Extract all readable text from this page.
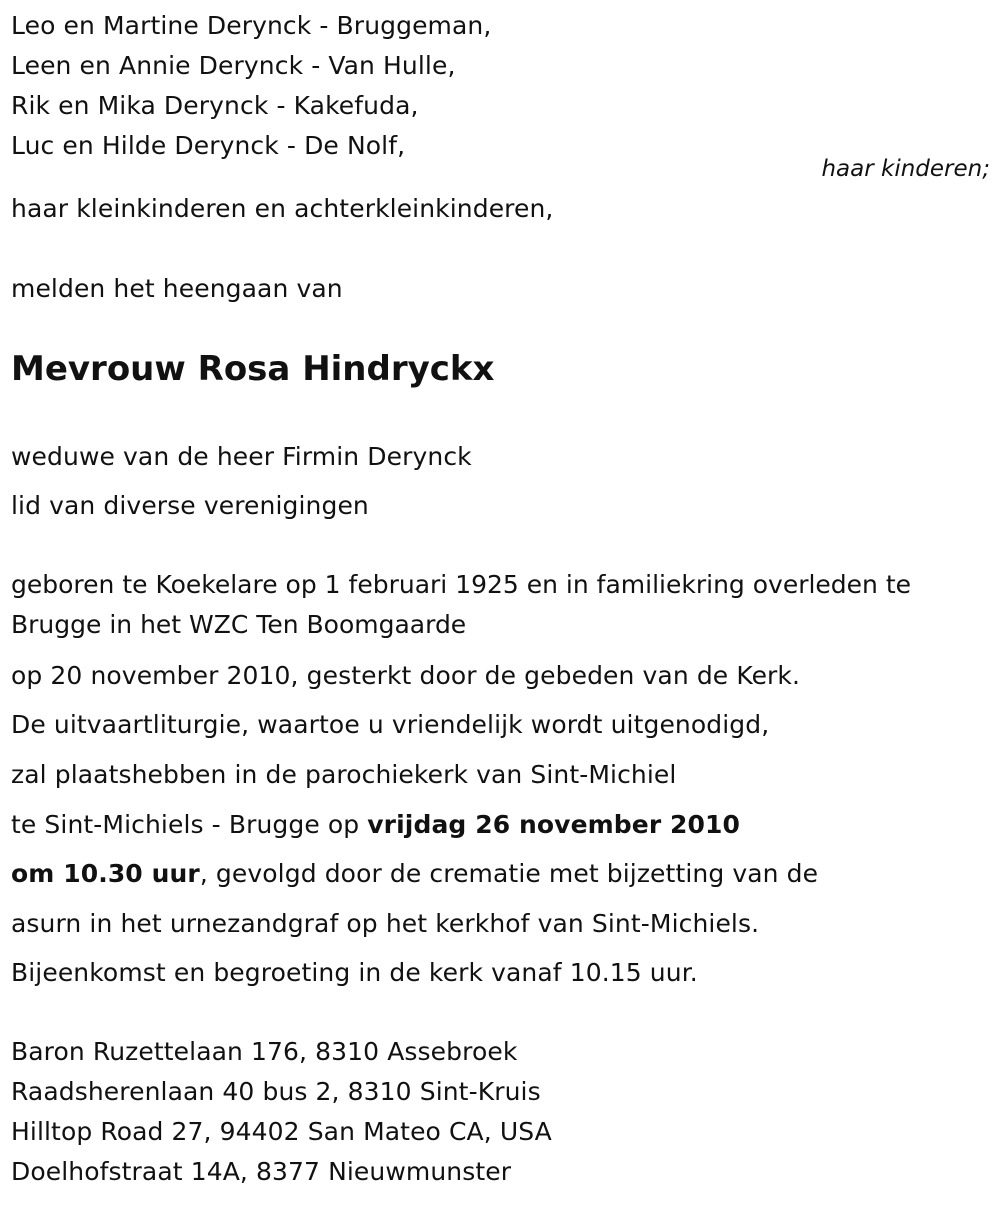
Leo en Martine Derynck - Bruggeman,
Leen en Annie Derynck - Van Hulle,
Rik en Mika Derynck - Kakefuda,
Luc en Hilde Derynck - De Nolf,
haar kinderen;
haar kleinkinderen en achterkleinkinderen,
melden het heengaan van
Mevrouw Rosa Hindryckx
weduwe van de heer Firmin Derynck
lid van diverse verenigingen
geboren te Koekelare op 1 februari 1925 en in familiekring overleden te Brugge in het WZC Ten Boomgaarde
op 20 november 2010, gesterkt door de gebeden van de Kerk.
De uitvaartliturgie, waartoe u vriendelijk wordt uitgenodigd,
zal plaatshebben in de parochiekerk van Sint-Michiel
te Sint-Michiels - Brugge op vrijdag 26 november 2010
om 10.30 uur, gevolgd door de crematie met bijzetting van de
asurn in het urnezandgraf op het kerkhof van Sint-Michiels.
Bijeenkomst en begroeting in de kerk vanaf 10.15 uur.
Baron Ruzettelaan 176, 8310 Assebroek
Raadsherenlaan 40 bus 2, 8310 Sint-Kruis
Hilltop Road 27, 94402 San Mateo CA, USA
Doelhofstraat 14A, 8377 Nieuwmunster
